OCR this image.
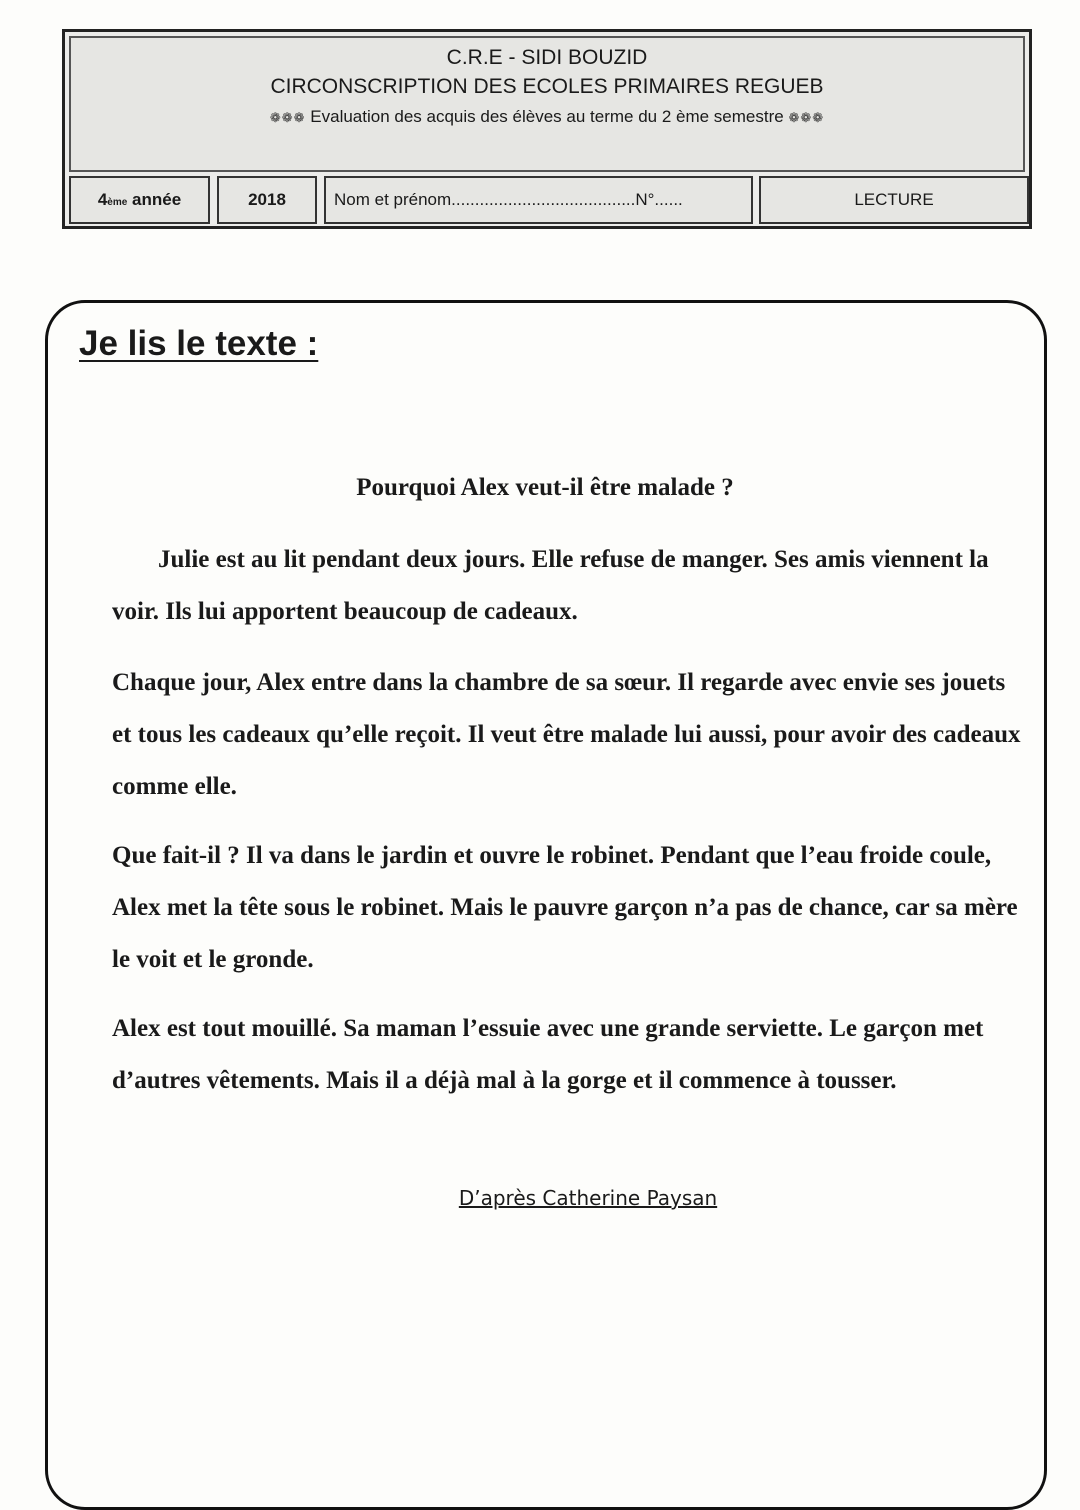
C.R.E - SIDI BOUZID
CIRCONSCRIPTION DES ECOLES PRIMAIRES REGUEB
❁❁❁ Evaluation des acquis des élèves au terme du 2 ème semestre ❁❁❁
4ème année	2018	Nom et prénom.......................................N°......	LECTURE
Je lis le texte :
Pourquoi Alex veut-il être malade ?

Julie est au lit pendant deux jours. Elle refuse de manger. Ses amis viennent la voir. Ils lui apportent beaucoup de cadeaux.

Chaque jour, Alex entre dans la chambre de sa sœur. Il regarde avec envie ses jouets et tous les cadeaux qu’elle reçoit. Il veut être malade lui aussi, pour avoir des cadeaux comme elle.

Que fait-il ? Il va dans le jardin et ouvre le robinet. Pendant que l’eau froide coule, Alex met la tête sous le robinet. Mais le pauvre garçon n’a pas de chance, car sa mère le voit et le gronde.

Alex est tout mouillé. Sa maman l’essuie avec une grande serviette. Le garçon met d’autres vêtements. Mais il a déjà mal à la gorge et il commence à tousser.

D’après Catherine Paysan
